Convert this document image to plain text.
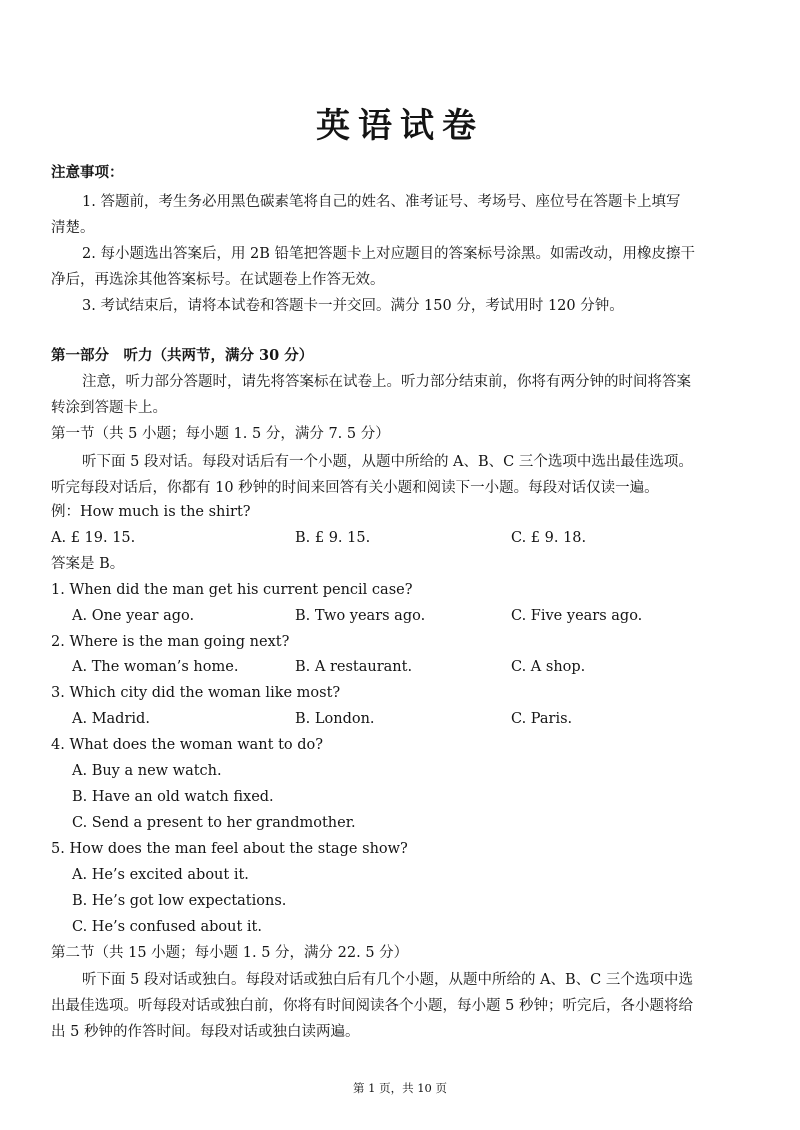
英语试卷
注意事项：
1. 答题前，考生务必用黑色碳素笔将自己的姓名、准考证号、考场号、座位号在答题卡上填写
清楚。
2. 每小题选出答案后，用 2B 铅笔把答题卡上对应题目的答案标号涂黑。如需改动，用橡皮擦干
净后，再选涂其他答案标号。在试题卷上作答无效。
3. 考试结束后，请将本试卷和答题卡一并交回。满分 150 分，考试用时 120 分钟。
第一部分　听力（共两节，满分 30 分）
注意，听力部分答题时，请先将答案标在试卷上。听力部分结束前，你将有两分钟的时间将答案
转涂到答题卡上。
第一节（共 5 小题；每小题 1. 5 分，满分 7. 5 分）
听下面 5 段对话。每段对话后有一个小题，从题中所给的 A、B、C 三个选项中选出最佳选项。
听完每段对话后，你都有 10 秒钟的时间来回答有关小题和阅读下一小题。每段对话仅读一遍。
例：How much is the shirt?
A. £ 19. 15.	B. £ 9. 15.	C. £ 9. 18.
答案是 B。
1. When did the man get his current pencil case?
A. One year ago.	B. Two years ago.	C. Five years ago.
2. Where is the man going next?
A. The woman’s home.	B. A restaurant.	C. A shop.
3. Which city did the woman like most?
A. Madrid.	B. London.	C. Paris.
4. What does the woman want to do?
A. Buy a new watch.
B. Have an old watch fixed.
C. Send a present to her grandmother.
5. How does the man feel about the stage show?
A. He’s excited about it.
B. He’s got low expectations.
C. He’s confused about it.
第二节（共 15 小题；每小题 1. 5 分，满分 22. 5 分）
听下面 5 段对话或独白。每段对话或独白后有几个小题，从题中所给的 A、B、C 三个选项中选
出最佳选项。听每段对话或独白前，你将有时间阅读各个小题，每小题 5 秒钟；听完后，各小题将给
出 5 秒钟的作答时间。每段对话或独白读两遍。
第 1 页，共 10 页
